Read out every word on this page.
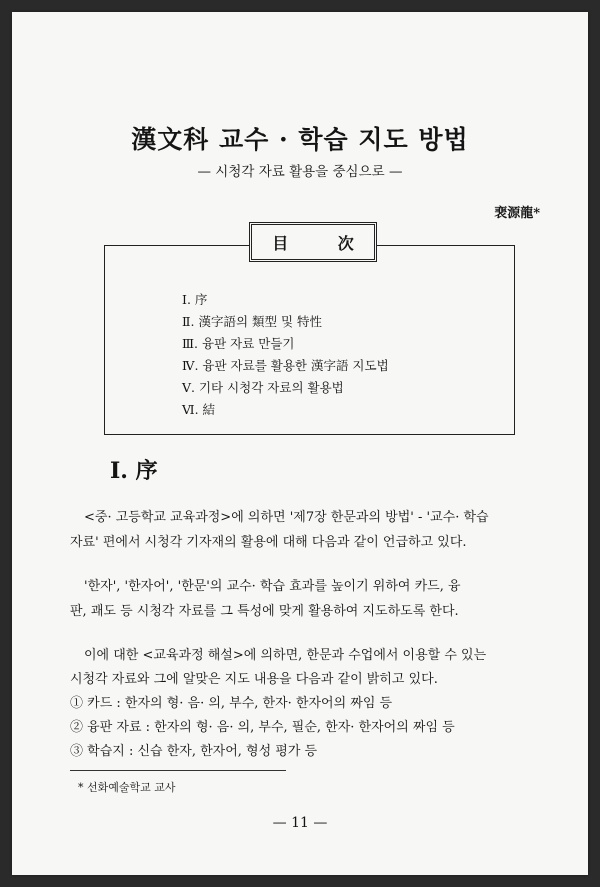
漢文科 교수 · 학습 지도 방법
— 시청각 자료 활용을 중심으로 —
裵源龍*
目 次
Ⅰ. 序
Ⅱ. 漢字語의 類型 및 特性
Ⅲ. 융판 자료 만들기
Ⅳ. 융판 자료를 활용한 漢字語 지도법
Ⅴ. 기타 시청각 자료의 활용법
Ⅵ. 結
Ⅰ. 序
<중· 고등학교 교육과정>에 의하면 '제7장 한문과의 방법' - '교수· 학습
자료' 편에서 시청각 기자재의 활용에 대해 다음과 같이 언급하고 있다.
'한자', '한자어', '한문'의 교수· 학습 효과를 높이기 위하여 카드, 융
판, 괘도 등 시청각 자료를 그 특성에 맞게 활용하여 지도하도록 한다.
이에 대한 <교육과정 해설>에 의하면, 한문과 수업에서 이용할 수 있는
시청각 자료와 그에 알맞은 지도 내용을 다음과 같이 밝히고 있다.
① 카드 : 한자의 형· 음· 의, 부수, 한자· 한자어의 짜임 등
② 융판 자료 : 한자의 형· 음· 의, 부수, 필순, 한자· 한자어의 짜임 등
③ 학습지 : 신습 한자, 한자어, 형성 평가 등
* 선화예술학교 교사
— 11 —
